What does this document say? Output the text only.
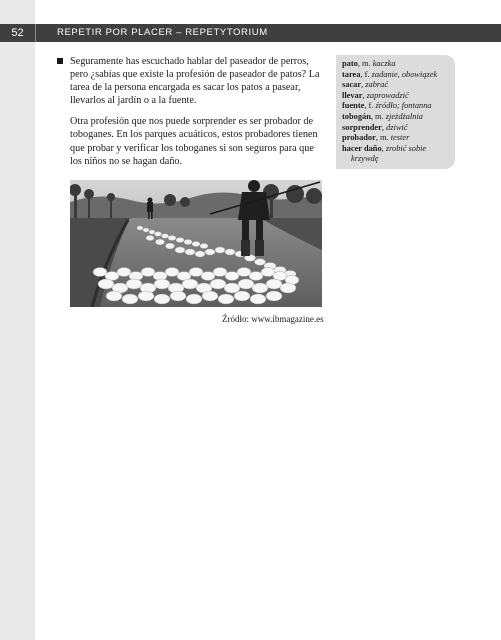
52	REPETIR POR PLACER – REPETYTORIUM

Seguramente has escuchado hablar del paseador de perros, pero ¿sabías que existe la profesión de paseador de patos? La tarea de la persona encargada es sacar los patos a pasear, llevarlos al jardín o a la fuente.

Otra profesión que nos puede sorprender es ser probador de toboganes. En los parques acuáticos, estos probadores tienen que probar y verificar los toboganes si son seguros para que los niños no se hagan daño.

pato, m. kaczka

tarea, f. zadanie, obowiązek

sacar, zabrać

llevar, zaprowadzić

fuente, f. źródło; fontanna

tobogán, m. zjeżdżalnia

sorprender, dziwić

probador, m. tester

hacer daño, zrobić sobie krzywdę

Źródło: www.ibmagazine.es
